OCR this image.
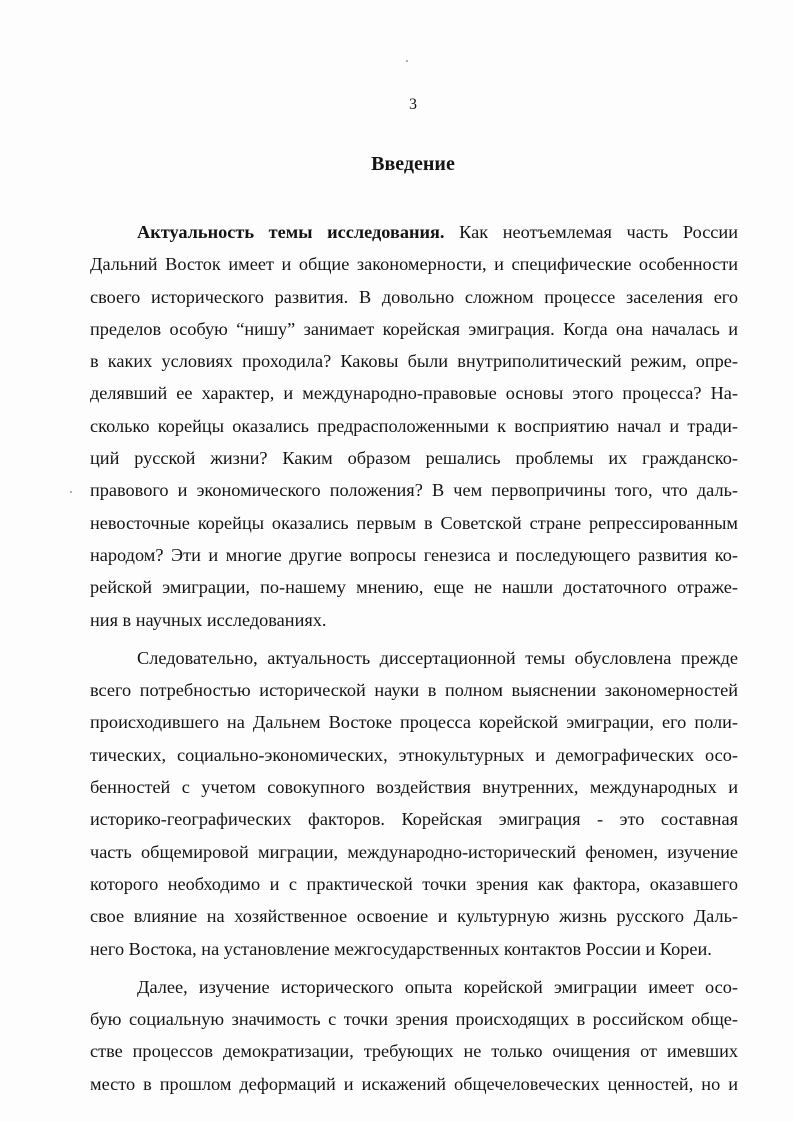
3
Введение
Актуальность темы исследования. Как неотъемлемая часть России
Дальний Восток имеет и общие закономерности, и специфические особенности
своего исторического развития. В довольно сложном процессе заселения его
пределов особую “нишу” занимает корейская эмиграция. Когда она началась и
в каких условиях проходила? Каковы были внутриполитический режим, опре-
делявший ее характер, и международно-правовые основы этого процесса? На-
сколько корейцы оказались предрасположенными к восприятию начал и тради-
ций русской жизни? Каким образом решались проблемы их гражданско-
правового и экономического положения? В чем первопричины того, что даль-
невосточные корейцы оказались первым в Советской стране репрессированным
народом? Эти и многие другие вопросы генезиса и последующего развития ко-
рейской эмиграции, по-нашему мнению, еще не нашли достаточного отраже-
ния в научных исследованиях.
Следовательно, актуальность диссертационной темы обусловлена прежде
всего потребностью исторической науки в полном выяснении закономерностей
происходившего на Дальнем Востоке процесса корейской эмиграции, его поли-
тических, социально-экономических, этнокультурных и демографических осо-
бенностей с учетом совокупного воздействия внутренних, международных и
историко-географических факторов. Корейская эмиграция - это составная
часть общемировой миграции, международно-исторический феномен, изучение
которого необходимо и с практической точки зрения как фактора, оказавшего
свое влияние на хозяйственное освоение и культурную жизнь русского Даль-
него Востока, на установление межгосударственных контактов России и Кореи.
Далее, изучение исторического опыта корейской эмиграции имеет осо-
бую социальную значимость с точки зрения происходящих в российском обще-
стве процессов демократизации, требующих не только очищения от имевших
место в прошлом деформаций и искажений общечеловеческих ценностей, но и
